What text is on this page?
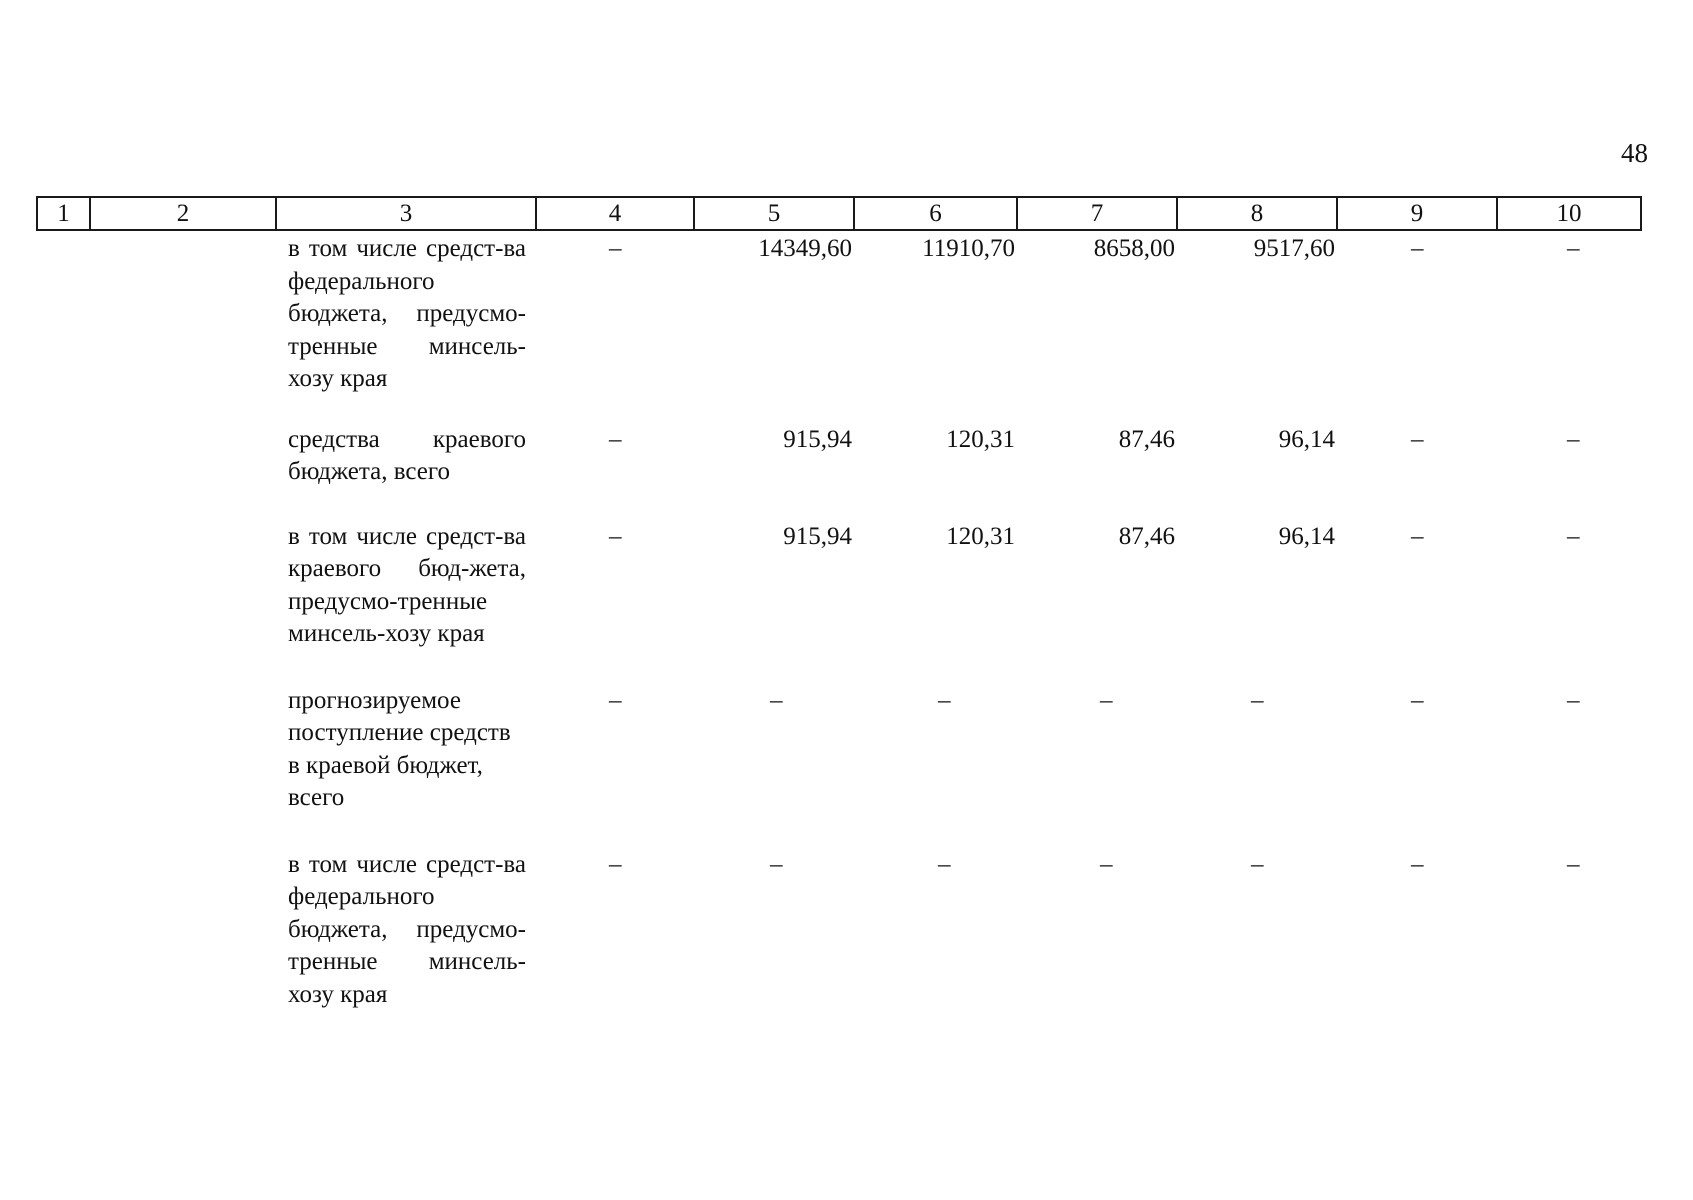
48
1	2	3	4	5	6	7	8	9	10
		в том числе средст-ва федерального бюджета, предусмо-тренные минсель-хозу края	–	14349,60	11910,70	8658,00	9517,60	–	–
		средства краевого бюджета, всего	–	915,94	120,31	87,46	96,14	–	–
		в том числе средст-ва краевого бюд-жета, предусмо-тренные минсель-хозу края	–	915,94	120,31	87,46	96,14	–	–
		прогнозируемое поступление средств в краевой бюджет, всего	–	–	–	–	–	–	–
		в том числе средст-ва федерального бюджета, предусмо-тренные минсель-хозу края	–	–	–	–	–	–	–
